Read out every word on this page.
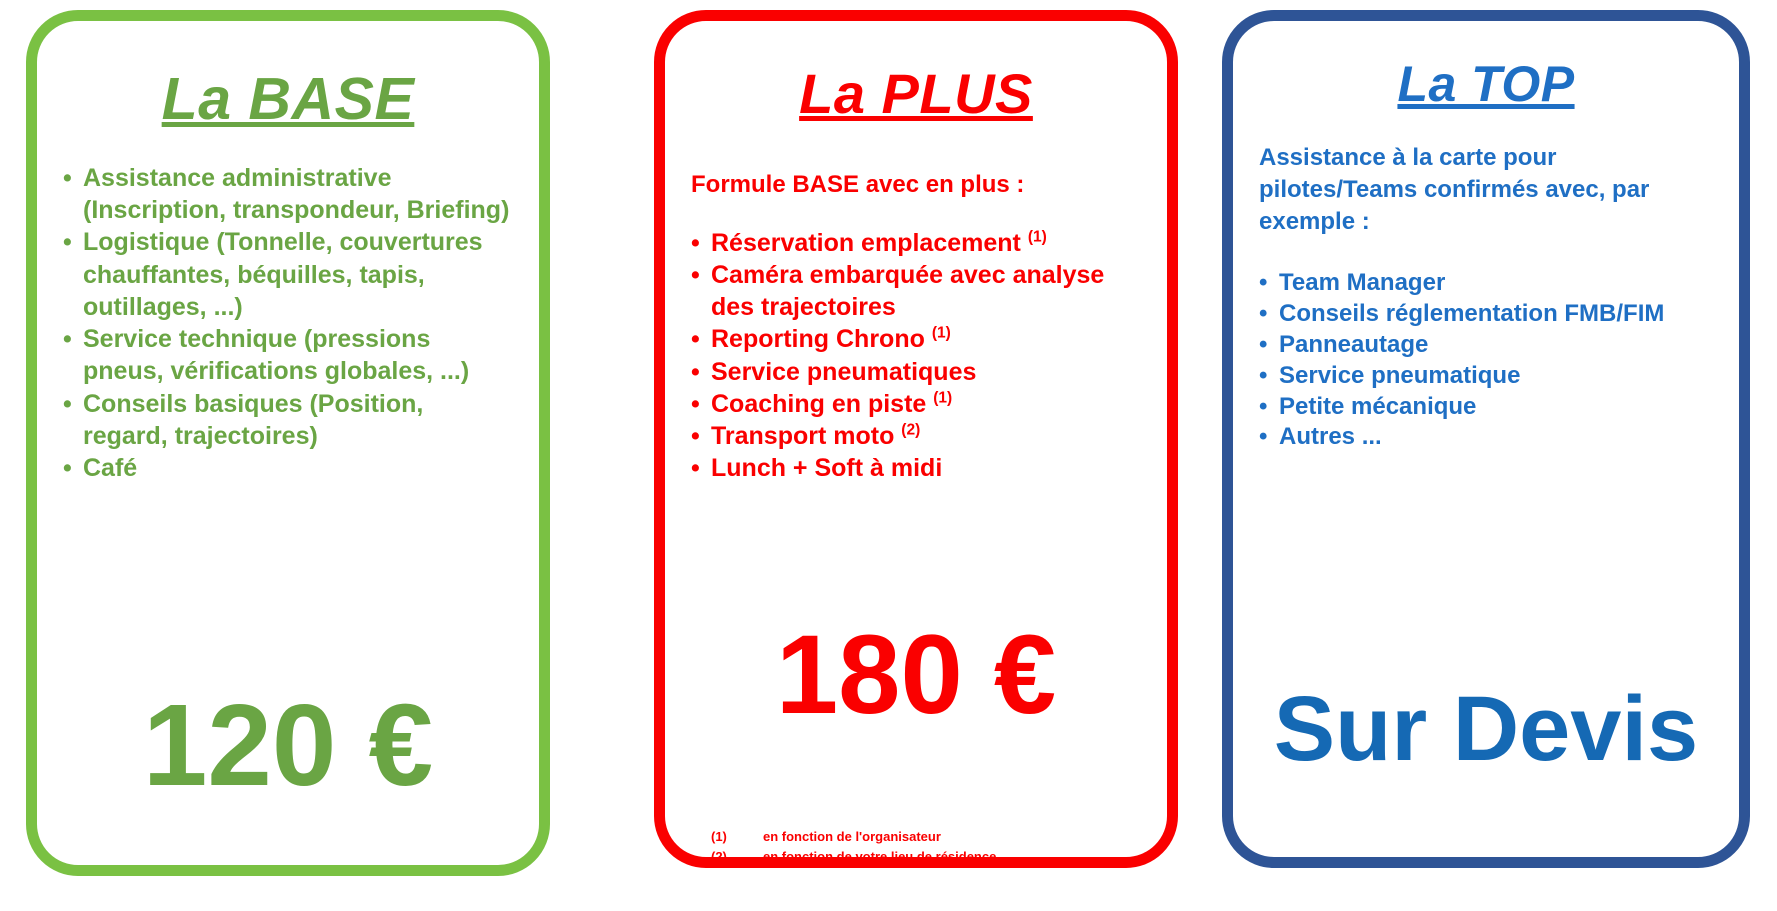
La BASE
• Assistance administrative (Inscription, transpondeur, Briefing)
• Logistique (Tonnelle, couvertures chauffantes, béquilles, tapis, outillages, ...)
• Service technique (pressions pneus, vérifications globales, ...)
• Conseils basiques (Position, regard, trajectoires)
• Café
120 €
La PLUS
Formule BASE avec en plus :
• Réservation emplacement $^{(1)}$
• Caméra embarquée avec analyse des trajectoires
• Reporting Chrono $^{(1)}$
• Service pneumatiques
• Coaching en piste $^{(1)}$
• Transport moto $^{(2)}$
• Lunch + Soft à midi
180 €
(1)	en fonction de l'organisateur
(2)	en fonction de votre lieu de résidence
La TOP
Assistance à la carte pour pilotes/Teams confirmés avec, par exemple :
• Team Manager
• Conseils réglementation FMB/FIM
• Panneautage
• Service pneumatique
• Petite mécanique
• Autres ...
Sur Devis
